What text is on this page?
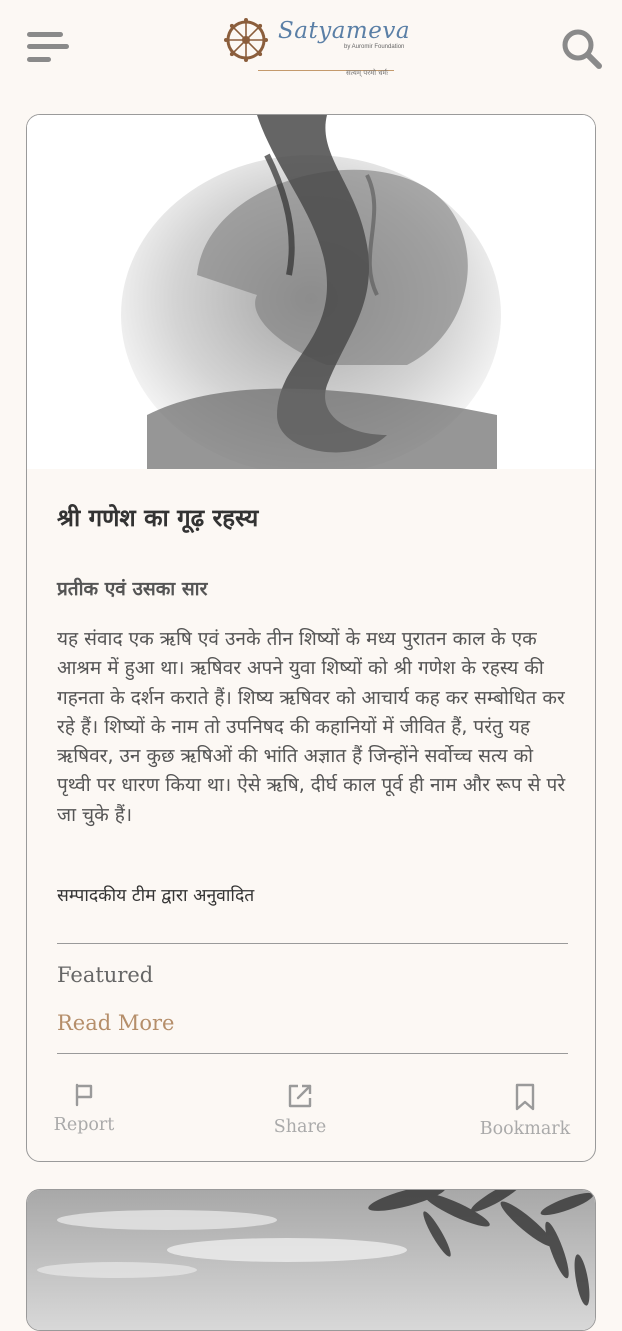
Satyameva
by Auromir Foundation
सत्यम् परमो धर्मः
श्री गणेश का गूढ़ रहस्य
प्रतीक एवं उसका सार

यह संवाद एक ऋषि एवं उनके तीन शिष्यों के मध्य पुरातन काल के एक आश्रम में हुआ था। ऋषिवर अपने युवा शिष्यों को श्री गणेश के रहस्य की गहनता के दर्शन कराते हैं। शिष्य ऋषिवर को आचार्य कह कर सम्बोधित कर रहे हैं। शिष्यों के नाम तो उपनिषद की कहानियों में जीवित हैं, परंतु यह ऋषिवर, उन कुछ ऋषिओं की भांति अज्ञात हैं जिन्होंने सर्वोच्च सत्य को पृथ्वी पर धारण किया था। ऐसे ऋषि, दीर्घ काल पूर्व ही नाम और रूप से परे जा चुके हैं।

सम्पादकीय टीम द्वारा अनुवादित

Featured
Read More
Report	Share	Bookmark
